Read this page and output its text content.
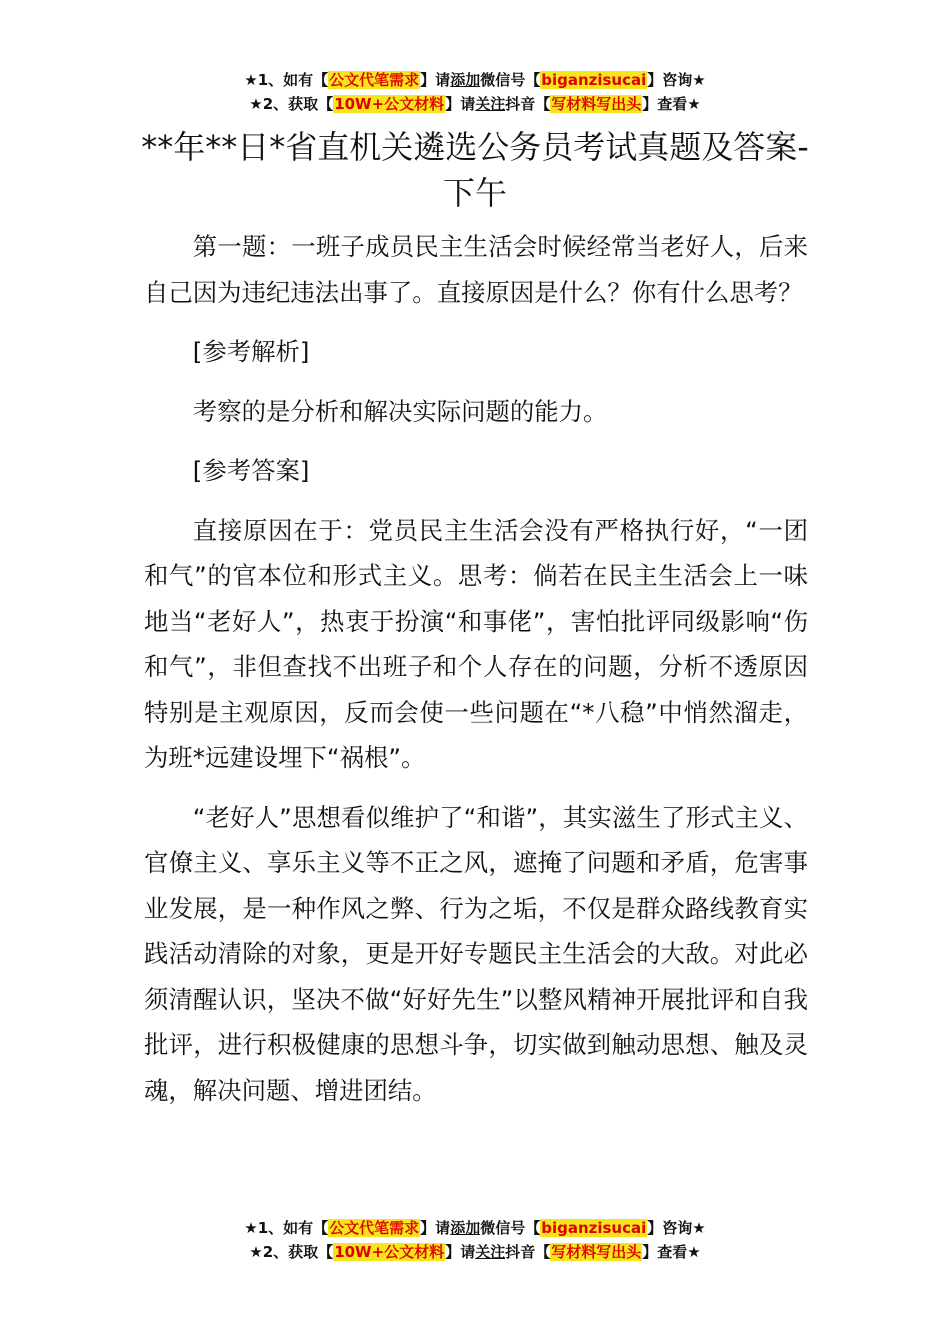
★1、如有【公文代笔需求】请添加微信号【biganzisucai】咨询★
★2、获取【10W+公文材料】请关注抖音【写材料写出头】查看★
**年**日*省直机关遴选公务员考试真题及答案-下午

第一题：一班子成员民主生活会时候经常当老好人，后来自己因为违纪违法出事了。直接原因是什么？你有什么思考？

[参考解析]

考察的是分析和解决实际问题的能力。

[参考答案]

直接原因在于：党员民主生活会没有严格执行好，“一团和气”的官本位和形式主义。思考：倘若在民主生活会上一味地当“老好人”，热衷于扮演“和事佬”，害怕批评同级影响“伤和气”，非但查找不出班子和个人存在的问题，分析不透原因特别是主观原因，反而会使一些问题在“*八稳”中悄然溜走，为班*远建设埋下“祸根”。

“老好人”思想看似维护了“和谐”，其实滋生了形式主义、官僚主义、享乐主义等不正之风，遮掩了问题和矛盾，危害事业发展，是一种作风之弊、行为之垢，不仅是群众路线教育实践活动清除的对象，更是开好专题民主生活会的大敌。对此必须清醒认识，坚决不做“好好先生”以整风精神开展批评和自我批评，进行积极健康的思想斗争，切实做到触动思想、触及灵魂，解决问题、增进团结。

★1、如有【公文代笔需求】请添加微信号【biganzisucai】咨询★
★2、获取【10W+公文材料】请关注抖音【写材料写出头】查看★
